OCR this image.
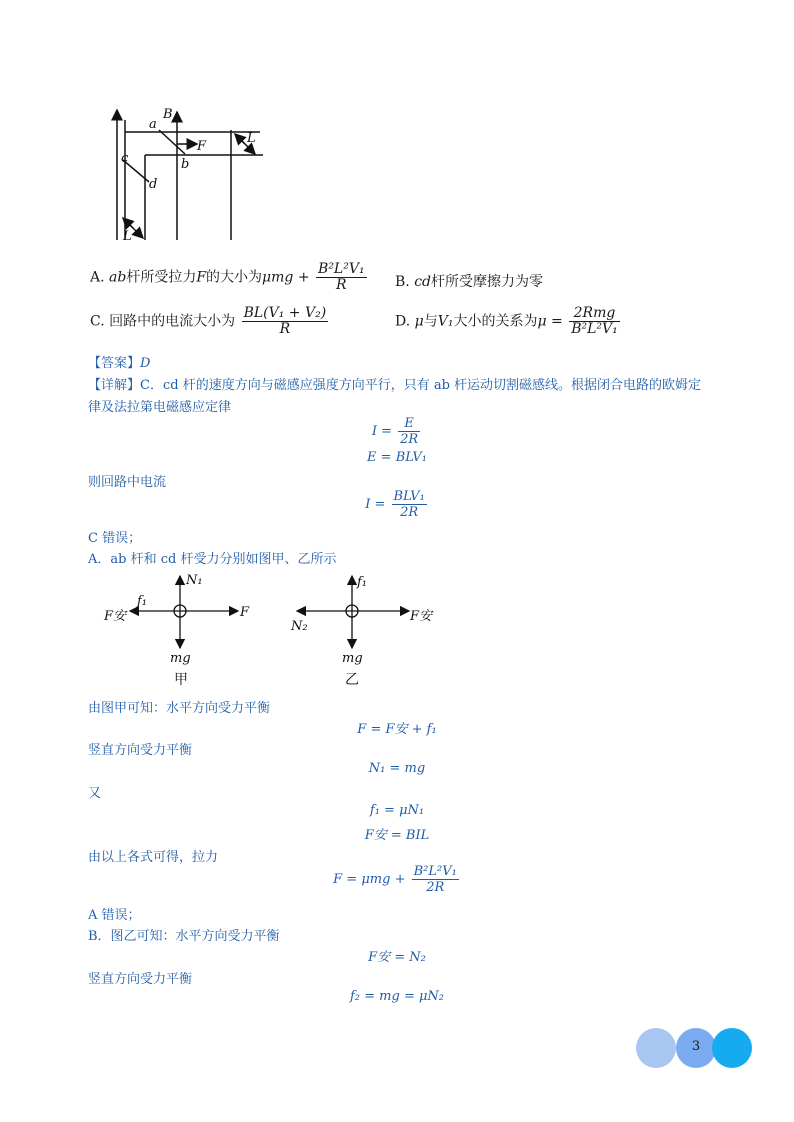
a
B
F
b
L
c
d
L
A. ab杆所受拉力F的大小为$\mu mg + \frac{\text{B²L²V₁}}{R} B$. cd杆所受摩擦力为零
C. 回路中的电流大小为 $\frac{\text{BL(V₁ + V₂)}}{R}$	D. μ与V₁大小的关系为$\mu = \frac{\text{2Rmg}}{\text{B²L²V₁}}$
【答案】D
【详解】C．cd 杆的速度方向与磁感应强度方向平行，只有 ab 杆运动切割磁感线。根据闭合电路的欧姆定
律及法拉第电磁感应定律
$I = \frac{E}{2R}$
E = BLV₁
则回路中电流
$I = \frac{\text{BLV₁}}{2R}$
C 错误；
A．ab 杆和 cd 杆受力分别如图甲、乙所示
N₁
f₁
F安	F
mg
甲
f₁
N₂
F安
mg
乙
由图甲可知：水平方向受力平衡
F = F安 + f₁
竖直方向受力平衡
N₁ = mg
又
f₁ = μN₁
F安 = BIL
由以上各式可得，拉力
$F = \mu mg + \frac{\text{B²L²V₁}}{2R}$
A 错误；
B．图乙可知：水平方向受力平衡
F安 = N₂
竖直方向受力平衡
f₂ = mg = μN₂
3
